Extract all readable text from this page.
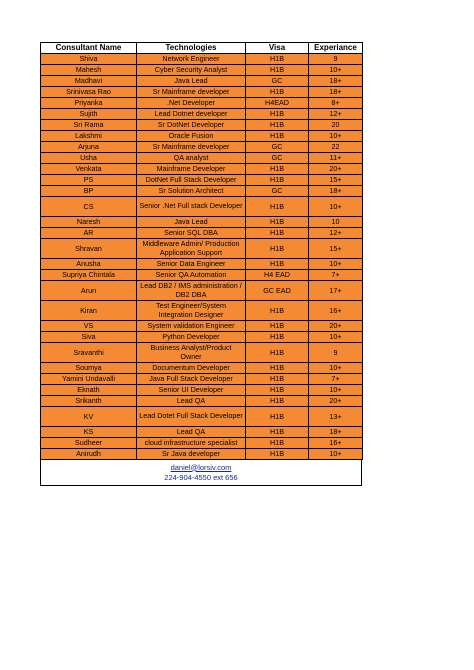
Consultant Name	Technologies	Visa	Experiance
Shiva	Network Engineer	H1B	9
Mahesh	Cyber Security Analyst	H1B	10+
Madhavi	Java Lead	GC	18+
Srinivasa Rao	Sr Mainframe developer	H1B	18+
Priyanka	.Net Developer	H4EAD	8+
Sujith	Lead Dotnet developer	H1B	12+
Sri Rama	Sr DotNet Developer	H1B	20
Lakshmi	Oracle Fusion	H1B	10+
Arjuna	Sr Mainframe developer	GC	22
Usha	QA analyst	GC	11+
Venkata	Mainframe Developer	H1B	20+
PS	DotNet Full Stack Developer	H1B	15+
BP	Sr Solution Architect	GC	18+
CS	Senior .Net Full stack Developer	H1B	10+
Naresh	Java Lead	H1B	10
AR	Senior SQL DBA	H1B	12+
Shravan	Middleware Admin/ Production Application Support	H1B	15+
Anusha	Senior Data Engineer	H1B	10+
Supriya Chintala	Senior QA Automation	H4 EAD	7+
Arun	Lead DB2 / IMS administration / DB2 DBA	GC EAD	17+
Kiran	Test Engineer/System Integration Designer	H1B	16+
VS	System validation Engineer	H1B	20+
Siva	Python Developer	H1B	10+
Sravanthi	Business Analyst/Product Owner	H1B	9
Soumya	Documentum Developer	H1B	10+
Yamini Undavalli	Java Full Stack Developer	H1B	7+
Eknath	Senior UI Developer	H1B	10+
Srikanth	Lead QA	H1B	20+
KV	Lead Dotet Full Stack Developer	H1B	13+
KS	Lead QA	H1B	18+
Sudheer	cloud infrastructure specialist	H1B	16+
Anirudh	Sr Java developer	H1B	10+
daniel@lorsiv.com
224-904-4550 ext 656
